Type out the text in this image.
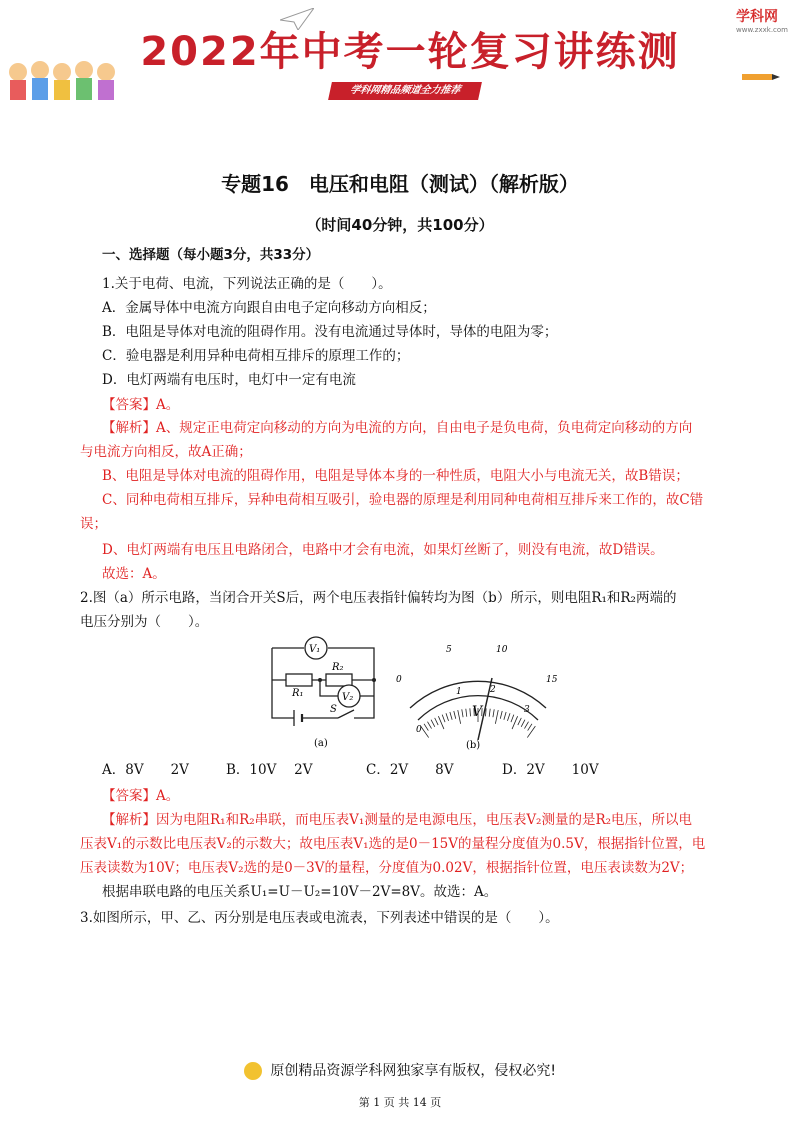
2022年中考一轮复习讲练测
学科网精品频道全力推荐
学科网
www.zxxk.com
专题16　电压和电阻（测试）（解析版）
（时间40分钟，共100分）
一、选择题（每小题3分，共33分）
1.关于电荷、电流，下列说法正确的是（　　）。
A．金属导体中电流方向跟自由电子定向移动方向相反；
B．电阻是导体对电流的阻碍作用。没有电流通过导体时，导体的电阻为零；
C．验电器是利用异种电荷相互排斥的原理工作的；
D．电灯两端有电压时，电灯中一定有电流
【答案】A。
【解析】A、规定正电荷定向移动的方向为电流的方向，自由电子是负电荷，负电荷定向移动的方向
与电流方向相反，故A正确；
B、电阻是导体对电流的阻碍作用，电阻是导体本身的一种性质，电阻大小与电流无关，故B错误；
C、同种电荷相互排斥，异种电荷相互吸引，验电器的原理是利用同种电荷相互排斥来工作的，故C错
误；
D、电灯两端有电压且电路闭合，电路中才会有电流，如果灯丝断了，则没有电流，故D错误。
故选：A。
2.图（a）所示电路，当闭合开关S后，两个电压表指针偏转均为图（b）所示，则电阻R₁和R₂两端的
电压分别为（　　）。
V₁
V₂
R₁
R₂
S
(a)
0
5	10
15
0
1	2
3
V
(b)
A．8V　　2V	B．10V　 2V	C．2V　　8V	D．2V　　10V
【答案】A。
【解析】因为电阻R₁和R₂串联，而电压表V₁测量的是电源电压，电压表V₂测量的是R₂电压，所以电
压表V₁的示数比电压表V₂的示数大；故电压表V₁选的是0－15V的量程分度值为0.5V，根据指针位置，电
压表读数为10V；电压表V₂选的是0－3V的量程，分度值为0.02V，根据指针位置，电压表读数为2V；
根据串联电路的电压关系U₁=U－U₂=10V－2V=8V。故选：A。
3.如图所示，甲、乙、丙分别是电压表或电流表，下列表述中错误的是（　　）。
原创精品资源学科网独家享有版权，侵权必究!
第 1 页 共 14 页
